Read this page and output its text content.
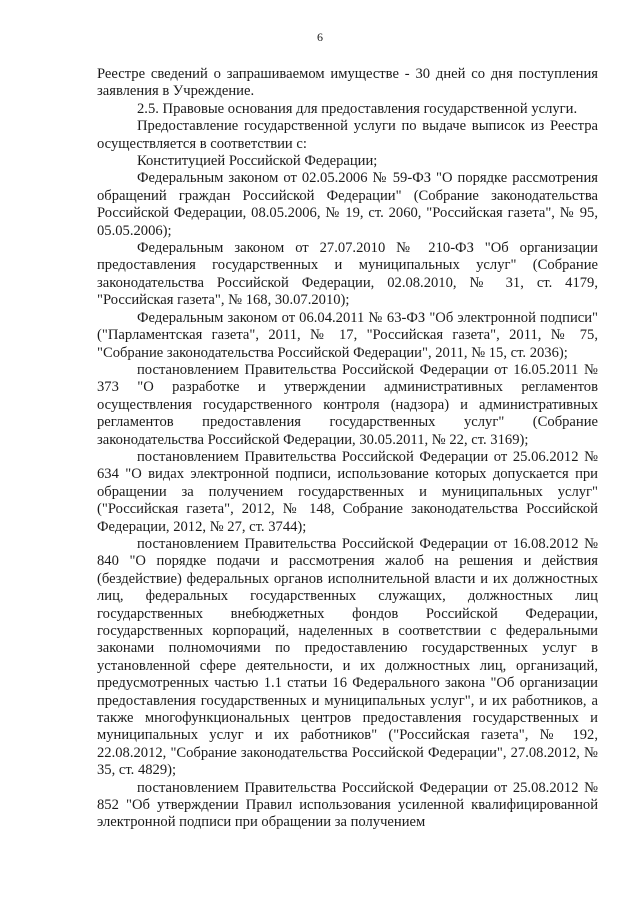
6

Реестре сведений о запрашиваемом имуществе - 30 дней со дня поступления заявления в Учреждение.

2.5. Правовые основания для предоставления государственной услуги.

Предоставление государственной услуги по выдаче выписок из Реестра осуществляется в соответствии с:

Конституцией Российской Федерации;

Федеральным законом от 02.05.2006 № 59-ФЗ "О порядке рассмотрения обращений граждан Российской Федерации" (Собрание законодательства Российской Федерации, 08.05.2006, № 19, ст. 2060, "Российская газета", № 95, 05.05.2006);

Федеральным законом от 27.07.2010 № 210-ФЗ "Об организации предоставления государственных и муниципальных услуг" (Собрание законодательства Российской Федерации, 02.08.2010, № 31, ст. 4179, "Российская газета", № 168, 30.07.2010);

Федеральным законом от 06.04.2011 № 63-ФЗ "Об электронной подписи" ("Парламентская газета", 2011, № 17, "Российская газета", 2011, № 75, "Собрание законодательства Российской Федерации", 2011, № 15, ст. 2036);

постановлением Правительства Российской Федерации от 16.05.2011 № 373 "О разработке и утверждении административных регламентов осуществления государственного контроля (надзора) и административных регламентов предоставления государственных услуг" (Собрание законодательства Российской Федерации, 30.05.2011, № 22, ст. 3169);

постановлением Правительства Российской Федерации от 25.06.2012 № 634 "О видах электронной подписи, использование которых допускается при обращении за получением государственных и муниципальных услуг" ("Российская газета", 2012, № 148, Собрание законодательства Российской Федерации, 2012, № 27, ст. 3744);

постановлением Правительства Российской Федерации от 16.08.2012 № 840 "О порядке подачи и рассмотрения жалоб на решения и действия (бездействие) федеральных органов исполнительной власти и их должностных лиц, федеральных государственных служащих, должностных лиц государственных внебюджетных фондов Российской Федерации, государственных корпораций, наделенных в соответствии с федеральными законами полномочиями по предоставлению государственных услуг в установленной сфере деятельности, и их должностных лиц, организаций, предусмотренных частью 1.1 статьи 16 Федерального закона "Об организации предоставления государственных и муниципальных услуг", и их работников, а также многофункциональных центров предоставления государственных и муниципальных услуг и их работников" ("Российская газета", № 192, 22.08.2012, "Собрание законодательства Российской Федерации", 27.08.2012, № 35, ст. 4829);

постановлением Правительства Российской Федерации от 25.08.2012 № 852 "Об утверждении Правил использования усиленной квалифицированной электронной подписи при обращении за получением
